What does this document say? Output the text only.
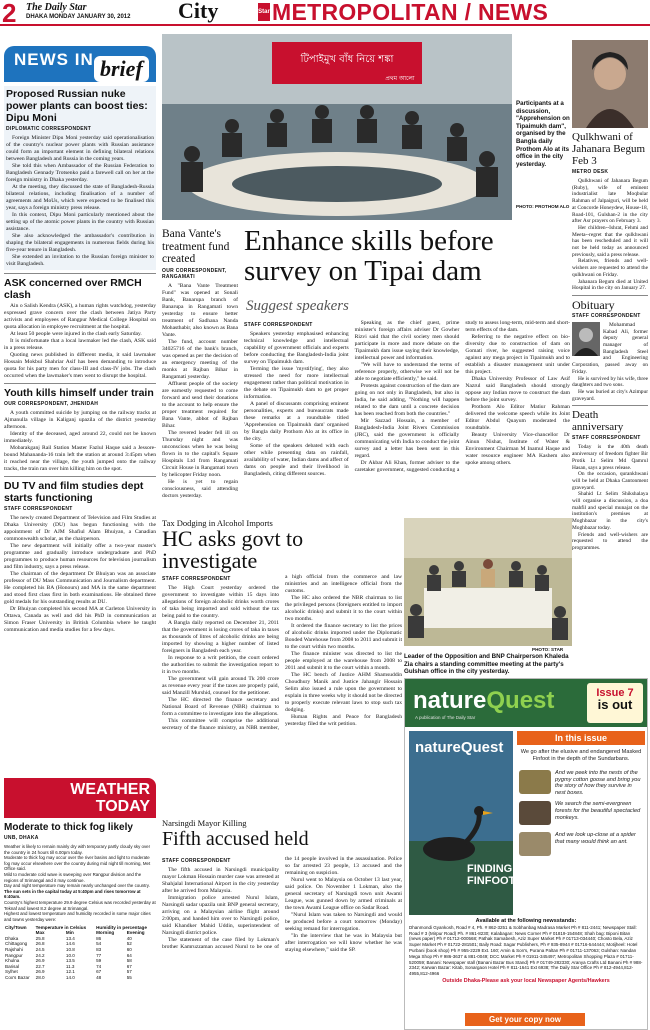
2 The Daily Star
DHAKA MONDAY JANUARY 30, 2012 City	Star METROPOLITAN / NEWS
NEWS IN brief
Proposed Russian nuke power plants can boost ties: Dipu Moni
DIPLOMATIC CORRESPONDENT

Foreign Minister Dipu Moni yesterday said operationalisation of the country's nuclear power plants with Russian assistance could form an important element in defining bilateral relations between Bangladesh and Russia in the coming years.

She told this when Ambassador of the Russian Federation to Bangladesh Gennady Trotsenko paid a farewell call on her at the foreign ministry in Dhaka yesterday.

At the meeting, they discussed the state of Bangladesh-Russia bilateral relations, including finalisation of a number of agreements and MoUs, which were expected to be finalised this year, says a foreign ministry press release.

In this context, Dipu Moni particularly mentioned about the setting up of the atomic power plants in the country with Russian assistance.

She also acknowledged the ambassador's contribution in shaping the bilateral engagements in numerous fields during his five-year tenure in Bangladesh.

She extended an invitation to the Russian foreign minister to visit Bangladesh.

ASK concerned over RMCH clash

Ain o Salish Kendra (ASK), a human rights watchdog, yesterday expressed grave concern over the clash between Jatiya Party activists and employees of Rangpur Medical College Hospital on quota allocation in employee recruitment at the hospital.

At least 50 people were injured in the clash early Saturday.

It is misfortunate that a local lawmaker led the clash, ASK said in a press release.

Quoting news published in different media, it said lawmaker Hossain Mokbul Shahriar Asif has been demanding to introduce quota for his party men for class-III and class-IV jobs. The clash occurred when the lawmaker's men went to disrupt the hospital.

Youth kills himself under train
OUR CORRESPONDENT, JHENIDAH

A youth committed suicide by jumping on the railway tracks at Ajmanulla village in Kaliganj upazila of the district yesterday afternoon.

Identity of the deceased, aged around 22, could not be known immediately.

Mobarakganj Rail Station Master Fazlul Haque said a Jessore-bound Mahananda-16 train left the station at around 3:45pm when it reached near the village, the youth jumped onto the railway tracks, the train ran over him killing him on the spot.

DU TV and film studies dept starts functioning
STAFF CORRESPONDENT

The newly created Department of Television and Film Studies at Dhaka University (DU) has begun functioning with the appointment of Dr AJM Shafiul Alam Bhuiyan, a Canadian commonwealth scholar, as the chairperson.

The new department will initially offer a two-year master's programme and gradually introduce undergraduate and PhD programmes to produce human resources for television journalism and film industry, says a press release.

The chairman of the department Dr Bhuiyan was an associate professor of DU Mass Communication and Journalism department. He completed his BA (Honours) and MA in the same department and stood first class first in both examinations. He obtained three gold medals for his outstanding results at DU.

Dr Bhuiyan completed his second MA at Carleton University in Ottawa, Canada as well and did his PhD in communication at Simon Fraser University in British Columbia where he taught communication and media studies for a few days.

WEATHER
TODAY
Moderate to thick fog likely
UNB, DHAKA

Weather is likely to remain mainly dry with temporary partly cloudy sky over the country in 24 hours till 6.00pm today.

Moderate to thick fog may occur over the river basins and light to moderate fog may occur elsewhere over the country during mid night till morning, Met Office said.

Mild to moderate cold wave is sweeping over Rangpur division and the regions of Srimangal and it may continue.

Day and night temperature may remain nearly unchanged over the country.

The sun sets in the capital today at 5:40pm and rises tomorrow at 6:40am.

Country's highest temperature 29.9 degree Celsius was recorded yesterday at Teknaf and lowest 8.2 degree at Srimangal.

Highest and lowest temperature and humidity recorded in some major cities and towns yesterday were:

City/Town	Temperature in Celsius		Humidity in percentage	
	Max	Min	Morning	Evening
Dhaka	25.8	13.4	86	40
Chittagong	26.8	14.6	54	52
Rajshahi	24.5	10.8	83	60
Rangpur	24.2	10.0	77	64
Khulna	26.9	13.5	59	58
Barisal	22.7	11.3	74	67
Sylhet	26.9	12.1	67	57
Cox's Bazar	28.0	14.0	48	55
টিপাইমুখ বাঁধ নিয়ে শঙ্কা
প্রথম আলো
Participants at a discussion, "Apprehension on Tipaimukh dam", organised by the Bangla daily Prothom Alo at its office in the city yesterday.
PHOTO: PROTHOM ALO
Qulkhwani of Jahanara Begum Feb 3
METRO DESK

Qulkhwani of Jahanara Begum (Ruby), wife of eminent industrialist late Moqbular Rahman of Jalpaiguri, will be held at Concorde Honeydew, House-18, Road-101, Gulshan-2 in the city after Asr prayers on February 3.

Her children--Ishrat, Fehmi and Meeta--regret that the qulkhwani has been rescheduled and it will not be held today as announced previously, said a press release.

Relatives, friends and well-wishers are requested to attend the qulkhwani on Friday.

Jahanara Begum died at United Hospital in the city on January 27.

Obituary
STAFF CORRESPONDENT

Mohammad Kabad Ali, former deputy general manager of Bangladesh Steel and Engineering Corporation, passed away on Friday.

He is survived by his wife, three daughters and two sons.

He was buried at city's Azimpur graveyard.

Death anniversary
STAFF CORRESPONDENT

Today is the 40th death anniversary of freedom fighter Bir Protik Lt Selim Md Qamrul Hasan, says a press release.

On the occasion, qurankhwani will be held at Dhaka Cantonment graveyard.

Shahid Lt Selim Shikshalaya will organise a discussion, a doa mahfil and special munajat on the institution's premises at Moghbazar in the city's Moghbazar today.

Friends and well-wishers are requested to attend the programmes.

Bana Vante's treatment fund created
OUR CORRESPONDENT, RANGAMATI

A "Bana Vante Treatment Fund" was opened at Sonali Bank, Banarupa branch of Banarupa in Rangamati town yesterday to ensure better treatment of Sadhana Nanda Mohasthabir, also known as Bana Vante.

The fund, account number 34025716 of the bank's branch, was opened as per the decision of an emergency meeting of the monks at Rajban Bihar in Rangamati yesterday.

Affluent people of the society are earnestly requested to come forward and send their donations to the account to help ensure the proper treatment required for Bana Vante, abbot of Rajban Bihar.

The revered leader fell ill on Thursday night and was unconscious when he was being flown in to the capital's Square Hospitals Ltd from Rangamati Circuit House in Rangamati town by helicopter Friday noon.

He is yet to regain consciousness, said attending doctors yesterday.

Enhance skills before survey on Tipai dam
Suggest speakers
STAFF CORRESPONDENT

Speakers yesterday emphasised enhancing technical knowledge and intellectual capability of government officials and experts before conducting the Bangladesh-India joint survey on Tipaimukh dam.

Terming the issue 'mystifying', they also stressed the need for more intellectual engagement rather than political motivation in the debate on Tipaimukh dam to get proper information.

A panel of discussants comprising eminent personalities, experts and bureaucrats made these remarks at a roundtable titled 'Apprehension on Tipaimukh dam' organised by Bangla daily Prothom Alo at its office in the city.

Some of the speakers debated with each other while presenting data on rainfall, availability of water, Indian dams and affect of dams on people and their livelihood in Bangladesh, citing different sources.

Speaking as the chief guest, prime minister's foreign affairs adviser Dr Gowher Rizvi said that the civil society men should participate in more and more debate on the Tipaimukh dam issue saying their knowledge, intellectual power and information.

"We will have to understand the terms of reference properly, otherwise we will not be able to negotiate efficiently," he said.

Protests against construction of the dam are going on not only in Bangladesh, but also in India, he said adding, "Nothing will happen related to the dam until a concrete decision has been reached from both the countries."

Mir Sazzad Hossain, a member of Bangladesh-India Joint Rivers Commission (JRC), said the government is officially communicating with India to conduct the joint survey and a letter has been sent in this regard.

Dr Akbar Ali Khan, former adviser to the caretaker government, suggested conducting a study to assess long-term, mid-term and short-term effects of the dam.

Referring to the negative effect on bio-diversity due to construction of dam on Gomati river, he suggested raising voice against any mega project in Tipaimukh and to establish a disaster management unit under this project.

Dhaka University Professor of Law Asif Nazrul said Bangladesh should strongly oppose any Indian move to construct the dam before the joint survey.

Prothom Alo Editor Matiur Rahman delivered the welcome speech while its Joint Editor Abdul Quayum moderated the roundtable.

Beauty University Vice-chancellor Dr Ainun Nishat, Institute of Water & Environment Chairman M Inamul Haque and water resource engineer MA Kashem also spoke among others.

Tax Dodging in Alcohol Imports
HC asks govt to investigate
STAFF CORRESPONDENT

The High Court yesterday ordered the government to investigate within 15 days into allegations of foreign alcoholic drinks worth crores of taka being imported and sold without the tax being paid to the country.

A Bangla daily reported on December 21, 2011 that the government is losing crores of taka in taxes as thousands of litres of alcoholic drinks are being imported by showing a higher number of listed foreigners in Bangladesh each year.

In response to a writ petition, the court ordered the authorities to submit the investigation report to it in two months.

The government will gain around Tk 200 crore as revenue every year if the taxes are properly paid, said Manzill Murshid, counsel for the petitioner.

The HC directed the finance secretary and National Board of Revenue (NBR) chairman to form a committee to investigate into the allegations.

This committee will comprise the additional secretary of the finance ministry, an NBR member, a high official from the commerce and law ministries and an intelligence official from the customs.

The HC also ordered the NBR chairman to list the privileged persons (foreigners entitled to import alcoholic drinks) and submit it to the court within two months.

It ordered the finance secretary to list the prices of alcoholic drinks imported under the Diplomatic Bonded Warehouse from 2008 to 2011 and submit it to the court within two months.

The finance minister was directed to list the people employed at the warehouse from 2008 to 2011 and submit it to the court within a month.

The HC bench of Justice AHM Shamsuddin Choudhury Manik and Justice Jahangir Hossain Selim also issued a rule upon the government to explain in three weeks why it should not be directed to properly execute relevant laws to stop such tax dodging.

Human Rights and Peace for Bangladesh yesterday filed the writ petition.

PHOTO: STAR
Leader of the Opposition and BNP Chairperson Khaleda Zia chairs a standing committee meeting at the party's Gulshan office in the city yesterday.
Narsingdi Mayor Killing
Fifth accused held
STAFF CORRESPONDENT

The fifth accused in Narsingdi municipality mayor Lokman Hossain murder case was arrested at Shahjalal International Airport in the city yesterday after he arrived from Malaysia.

Immigration police arrested Nurul Islam, Narsingdi sadar upazila unit BNP general secretary, arriving on a Malaysian airline flight around 2:00pm, and handed him over to Narsingdi police, said Khandker Mahid Uddin, superintendent of Narsingdi district police.

The statement of the case filed by Lokman's brother Kamruzzaman accused Nurul to be one of the 14 people involved in the assassination. Police so far arrested 23 people, 13 accused and the remaining on suspicion.

Nurul went to Malaysia on October 13 last year, said police. On November 1 Lokman, also the general secretary of Narsingdi town unit Awami League, was gunned down by armed criminals at the town Awami League office on Sadar Road.

"Nurul Islam was taken to Narsingdi and would be produced before a court tomorrow (Monday) seeking remand for interrogation.

"In the interview that he was in Malaysia but after interrogation we will know whether he was staying elsewhere," said the SP.

natureQuest
A publication of The Daily Star
Issue 7
is out
natureQuest
FINDING FINFOOT
In this issue
We go after the elusive and endangered Masked Finfoot in the depth of the Sundarbans.
And we peek into the nests of the pygmy cotton goose and bring you the story of how they survive in nest boxes.
We search the semi-evergreen forests for the beautiful spectacled monkeys.
And we look up-close at a spider that many would think an ant.
Available at the following newsstands:
Dhanmondi Gyankosh, Road # 4, Ph. # 862-3251 & Sobhanbag Madrasa Market Ph # 811-2441; Newspaper Stall: Road # 3 (Mirpur Road) Ph. # 861-8230; Kalabagan: News Corner Ph # 01819-154848; Shah bag: Biponi Bitan (news paper) Ph # 01712-000568; Pathak Samabesh, Aziz Super Market Ph # 01713-034440; Chosto Bela, Aziz Super Market Ph # 01722-281501; Baily Road: Sagar Publishers, Ph # 935-8944 # 01716-544444; Motijheel: Hotel Purbani (book shop) Ph # 955-2229 Ext. 160; Amin & Son's, Purana Paltan Ph # 01711-137063; Gulshan: Nandan Mega Shop Ph # 986-3637 & 881-0049; DCC Market Ph # 01911-345497; Metropolitan Shopping Plaza # 01711-520059; Banani: Newspaper stall (Banani Bazar Bus Stand) Ph # 01749-282330; Aranya Crafts Ltd Banani Ph # 988-2342; Karwan Bazar: Kitab, Sonargaon Hotel Ph # 811-1641 Ext 6938; The Daily Star Office Ph # 812-4944,812-4955,812-4966
Outside Dhaka-Please ask your local Newspaper Agents/Hawkers
Get your copy now
